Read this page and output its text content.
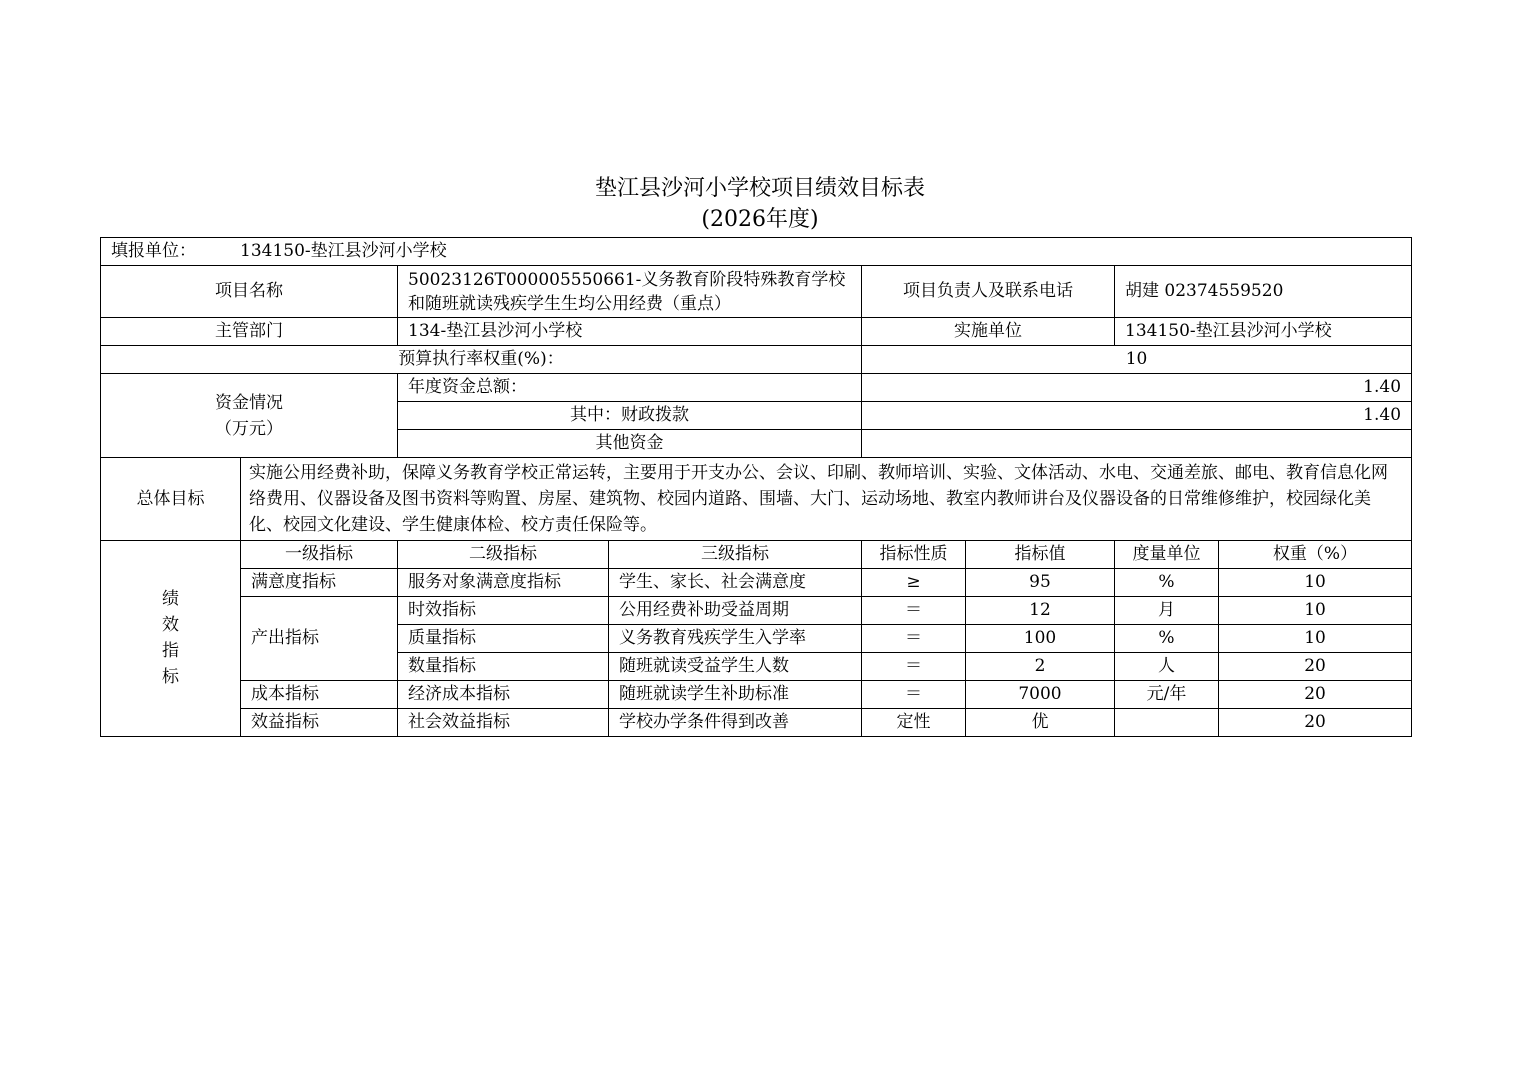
垫江县沙河小学校项目绩效目标表
(2026年度)
填报单位： 134150-垫江县沙河小学校							
项目名称		50023126T000005550661-义务教育阶段特殊教育学校和随班就读残疾学生生均公用经费（重点）		项目负责人及联系电话		胡建 02374559520	
主管部门		134-垫江县沙河小学校		实施单位		134150-垫江县沙河小学校	
预算执行率权重(%)：				10			

资金情况
（万元）		年度资金总额：		1.40			
		其中：财政拨款		1.40			
		其他资金					
总体目标	实施公用经费补助，保障义务教育学校正常运转，主要用于开支办公、会议、印刷、教师培训、实验、文体活动、水电、交通差旅、邮电、教育信息化网络费用、仪器设备及图书资料等购置、房屋、建筑物、校园内道路、围墙、大门、运动场地、教室内教师讲台及仪器设备的日常维修维护，校园绿化美化、校园文化建设、学生健康体检、校方责任保险等。						
绩效指标	一级指标	二级指标	三级指标	指标性质	指标值	度量单位	权重（%）
	满意度指标	服务对象满意度指标	学生、家长、社会满意度	≥	95	%	10
	产出指标	时效指标	公用经费补助受益周期	＝	12	月	10
		质量指标	义务教育残疾学生入学率	＝	100	%	10
		数量指标	随班就读受益学生人数	＝	2	人	20
	成本指标	经济成本指标	随班就读学生补助标准	＝	7000	元/年	20
	效益指标	社会效益指标	学校办学条件得到改善	定性	优		20
